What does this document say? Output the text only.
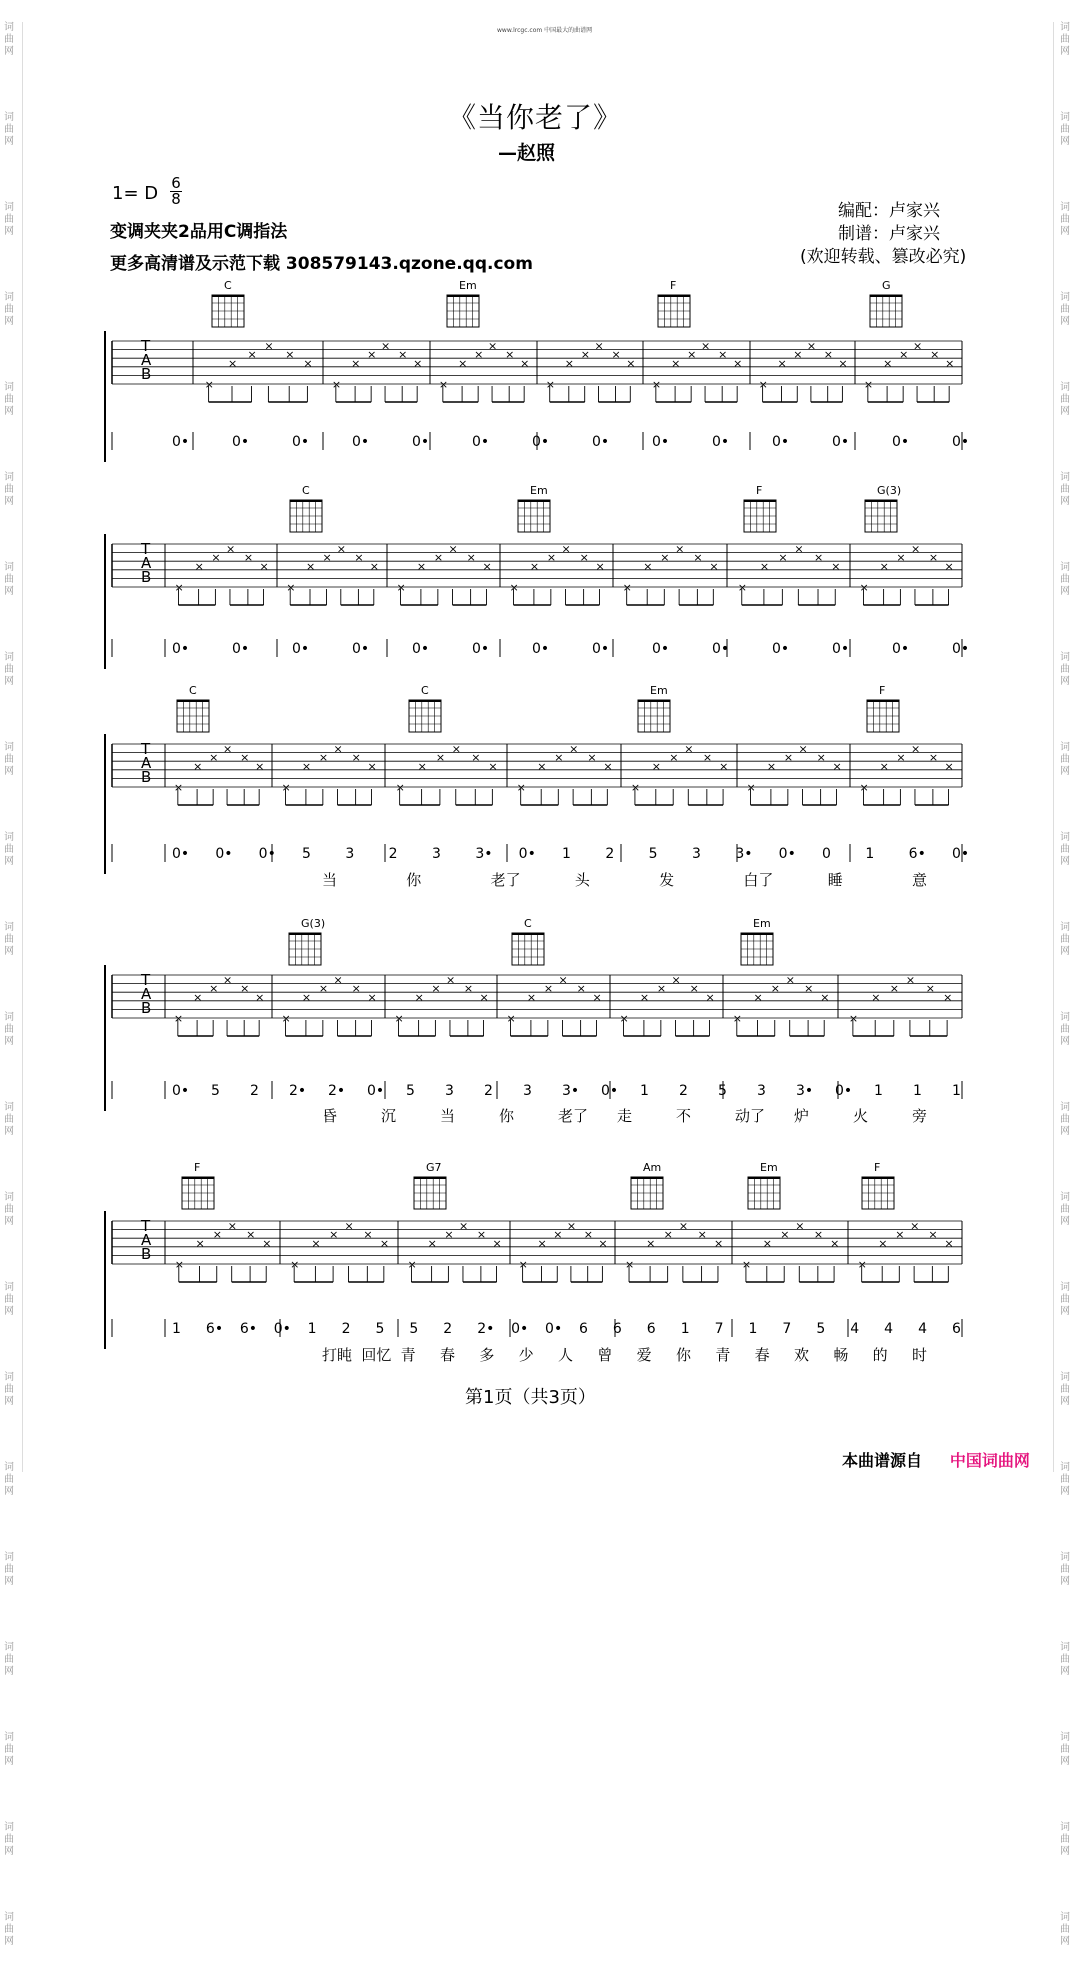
词
曲
网
词
曲
网
词
曲
网
词
曲
网
词
曲
网
词
曲
网
词
曲
网
词
曲
网
词
曲
网
词
曲
网
词
曲
网
词
曲
网
词
曲
网
词
曲
网
词
曲
网
词
曲
网
词
曲
网
词
曲
网
词
曲
网
词
曲
网
词
曲
网
词
曲
网
词
曲
网
词
曲
网
词
曲
网
词
曲
网
词
曲
网
词
曲
网
词
曲
网
词
曲
网
词
曲
网
词
曲
网
词
曲
网
词
曲
网
词
曲
网
词
曲
网
词
曲
网
词
曲
网
词
曲
网
词
曲
网
词
曲
网
词
曲
网
词
曲
网
词
曲
网
www.lrcgc.com 中国最大的曲谱网
《当你老了》
—赵照
1= D 6
8
变调夹夹2品用C调指法
更多高清谱及示范下载 308579143.qzone.qq.com
编配：卢家兴
制谱：卢家兴
(欢迎转载、篡改必究)
T
A
B
×
×
×
×
×
×
×
×
×
×
×
×
×
×
×
×
×
×
×
×
×
×
×
×
×
×
×
×
×
×
×
×
×
×
×
×
×
×
×
×
×
×
0•	0•	0•	0•	0•	0•	0•	0•	0•	0•	0•	0•	0•	0•
C	Em	F	G
T
A
B
×
×
×
×
×
×
×
×
×
×
×
×
×
×
×
×
×
×
×
×
×
×
×
×
×
×
×
×
×
×
×
×
×
×
×
×
×
×
×
×
×
×
0•	0•	0•	0•	0•	0•	0•	0•	0•	0•	0•	0•	0•	0•
C	Em	F	G(3)
T
A
B
×
×
×
×
×
×
×
×
×
×
×
×
×
×
×
×
×
×
×
×
×
×
×
×
×
×
×
×
×
×
×
×
×
×
×
×
×
×
×
×
×
×
0• 0• 0• 5 3 2 3 3• 0• 1 2 5 3 3• 0• 0 1 6• 0•
当	你	老了	头	发	白了	睡	意
C	C	Em	F
T
A
B
×
×
×
×
×
×
×
×
×
×
×
×
×
×
×
×
×
×
×
×
×
×
×
×
×
×
×
×
×
×
×
×
×
×
×
×
×
×
×
×
×
×
0• 5 2 2• 2• 0• 5 3 2 3 3• 0• 1 2 5 3 3• 0• 1 1 1
昏	沉	当	你	老了 走	不	动了 炉	火	旁
G(3)	C	Em
T
A
B
×
×
×
×
×
×
×
×
×
×
×
×
×
×
×
×
×
×
×
×
×
×
×
×
×
×
×
×
×
×
×
×
×
×
×
×
×
×
×
×
×
×
1 6• 6• 0• 1 2 5 5 2 2• 0• 0• 6 6 6 1 7 1 7 5 4 4 4 6
打盹 回忆 青 春 多 少 人 曾 爱 你 青 春 欢 畅 的 时
F	G7	Am	Em	F
第1页（共3页）
本曲谱源自 中国词曲网
